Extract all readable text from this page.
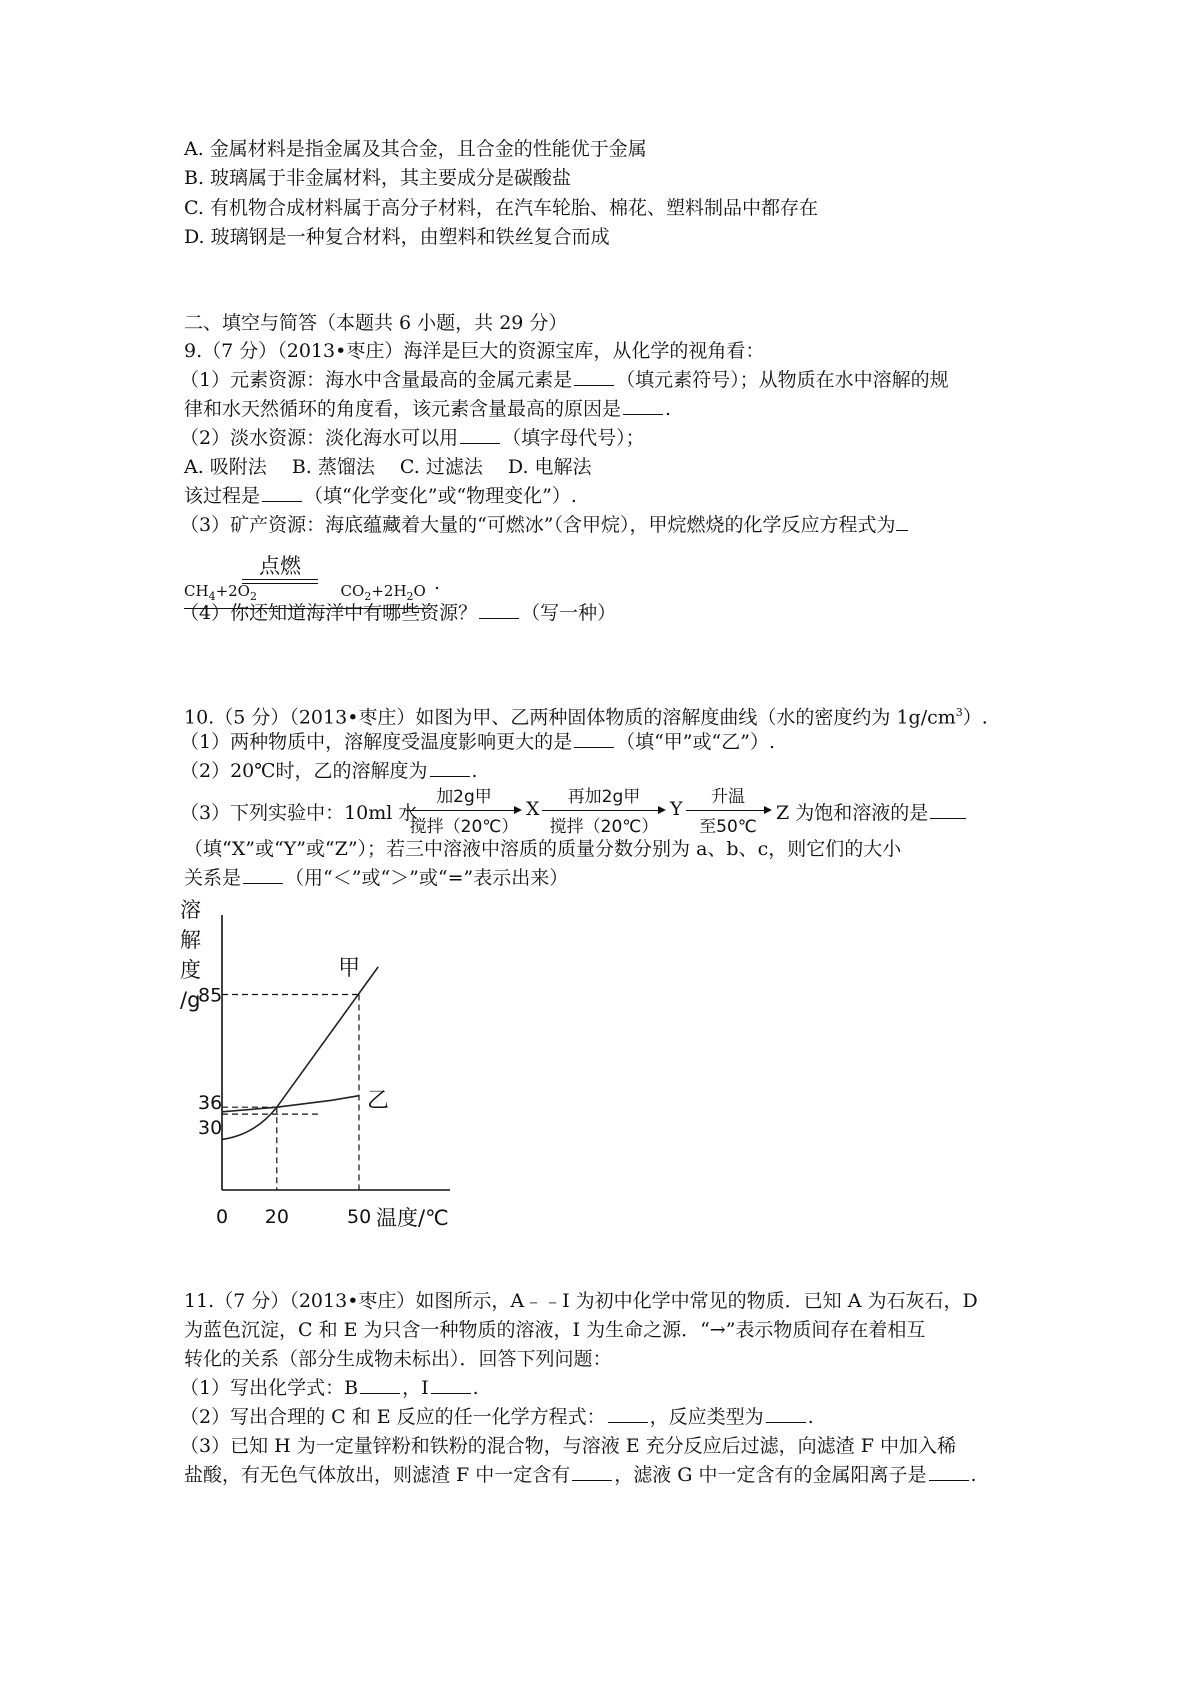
A. 金属材料是指金属及其合金，且合金的性能优于金属
B. 玻璃属于非金属材料，其主要成分是碳酸盐
C. 有机物合成材料属于高分子材料，在汽车轮胎、棉花、塑料制品中都存在
D. 玻璃钢是一种复合材料，由塑料和铁丝复合而成
二、填空与简答（本题共 6 小题，共 29 分）
9.（7 分）（2013•枣庄）海洋是巨大的资源宝库，从化学的视角看：
（1）元素资源：海水中含量最高的金属元素是 （填元素符号）；从物质在水中溶解的规
律和水天然循环的角度看，该元素含量最高的原因是 .
（2）淡水资源：淡化海水可以用 （填字母代号）；
A. 吸附法　 B. 蒸馏法　 C. 过滤法　 D. 电解法
该过程是 （填“化学变化”或“物理变化”）.
（3）矿产资源：海底蕴藏着大量的“可燃冰”（含甲烷），甲烷燃烧的化学反应方程式为
$CH_4+2O_2$	$CO_2+2H_2O$
点燃
.
（4）你还知道海洋中有哪些资源？ （写一种）
10.（5 分）（2013•枣庄）如图为甲、乙两种固体物质的溶解度曲线（水的密度约为 $1g/cm^3$）.
（1）两种物质中，溶解度受温度影响更大的是 （填“甲”或“乙”）.
（2）20℃时，乙的溶解度为 .
（3）下列实验中：10ml 水
加2g甲
搅拌（20℃）
X
再加2g甲
搅拌（20℃）
Y
升温
至50℃
Z 为饱和溶液的是
（填“X”或“Y”或“Z”）；若三中溶液中溶质的质量分数分别为 a、b、c，则它们的大小
关系是 （用“＜”或“＞”或“=”表示出来）
溶
解
度
/g
温度/℃
0 20	50
30
36
85
甲
乙
11.（7 分）（2013•枣庄）如图所示，A﹣﹣I 为初中化学中常见的物质．已知 A 为石灰石，D
为蓝色沉淀，C 和 E 为只含一种物质的溶液，I 为生命之源．“→”表示物质间存在着相互
转化的关系（部分生成物未标出）．回答下列问题：
（1）写出化学式：B ，I .
（2）写出合理的 C 和 E 反应的任一化学方程式： ，反应类型为 .
（3）已知 H 为一定量锌粉和铁粉的混合物，与溶液 E 充分反应后过滤，向滤渣 F 中加入稀
盐酸，有无色气体放出，则滤渣 F 中一定含有 ，滤液 G 中一定含有的金属阳离子是 .
